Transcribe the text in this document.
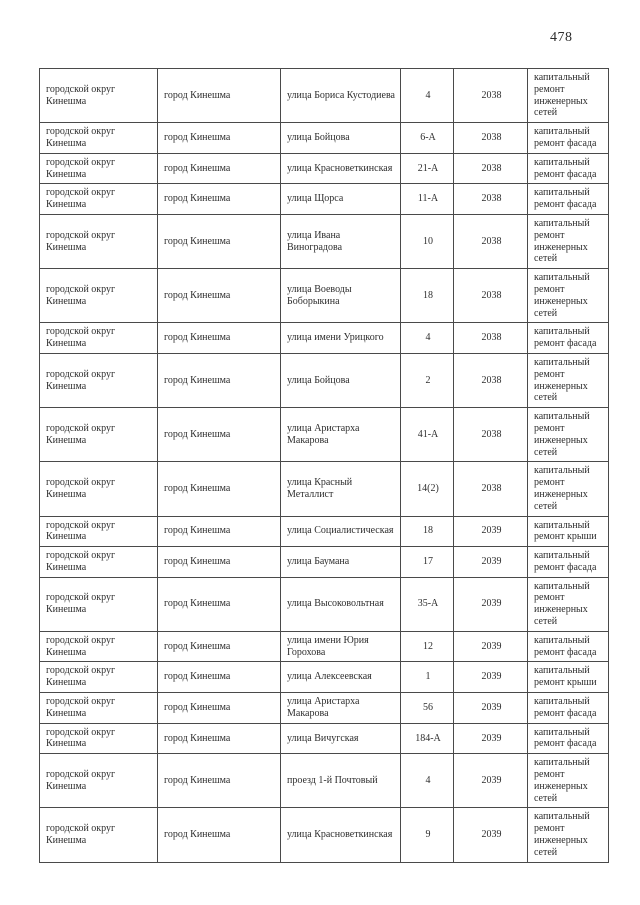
478
городской округ Кинешма	город Кинешма	улица Бориса Кустодиева	4	2038	капитальный ремонт инженерных сетей
городской округ Кинешма	город Кинешма	улица Бойцова	6-А	2038	капитальный ремонт фасада
городской округ Кинешма	город Кинешма	улица Красноветкинская	21-А	2038	капитальный ремонт фасада
городской округ Кинешма	город Кинешма	улица Щорса	11-А	2038	капитальный ремонт фасада
городской округ Кинешма	город Кинешма	улица Ивана Виноградова	10	2038	капитальный ремонт инженерных сетей
городской округ Кинешма	город Кинешма	улица Воеводы Боборыкина	18	2038	капитальный ремонт инженерных сетей
городской округ Кинешма	город Кинешма	улица имени Урицкого	4	2038	капитальный ремонт фасада
городской округ Кинешма	город Кинешма	улица Бойцова	2	2038	капитальный ремонт инженерных сетей
городской округ Кинешма	город Кинешма	улица Аристарха Макарова	41-А	2038	капитальный ремонт инженерных сетей
городской округ Кинешма	город Кинешма	улица Красный Металлист	14(2)	2038	капитальный ремонт инженерных сетей
городской округ Кинешма	город Кинешма	улица Социалистическая	18	2039	капитальный ремонт крыши
городской округ Кинешма	город Кинешма	улица Баумана	17	2039	капитальный ремонт фасада
городской округ Кинешма	город Кинешма	улица Высоковольтная	35-А	2039	капитальный ремонт инженерных сетей
городской округ Кинешма	город Кинешма	улица имени Юрия Горохова	12	2039	капитальный ремонт фасада
городской округ Кинешма	город Кинешма	улица Алексеевская	1	2039	капитальный ремонт крыши
городской округ Кинешма	город Кинешма	улица Аристарха Макарова	56	2039	капитальный ремонт фасада
городской округ Кинешма	город Кинешма	улица Вичугская	184-А	2039	капитальный ремонт фасада
городской округ Кинешма	город Кинешма	проезд 1-й Почтовый	4	2039	капитальный ремонт инженерных сетей
городской округ Кинешма	город Кинешма	улица Красноветкинская	9	2039	капитальный ремонт инженерных сетей
